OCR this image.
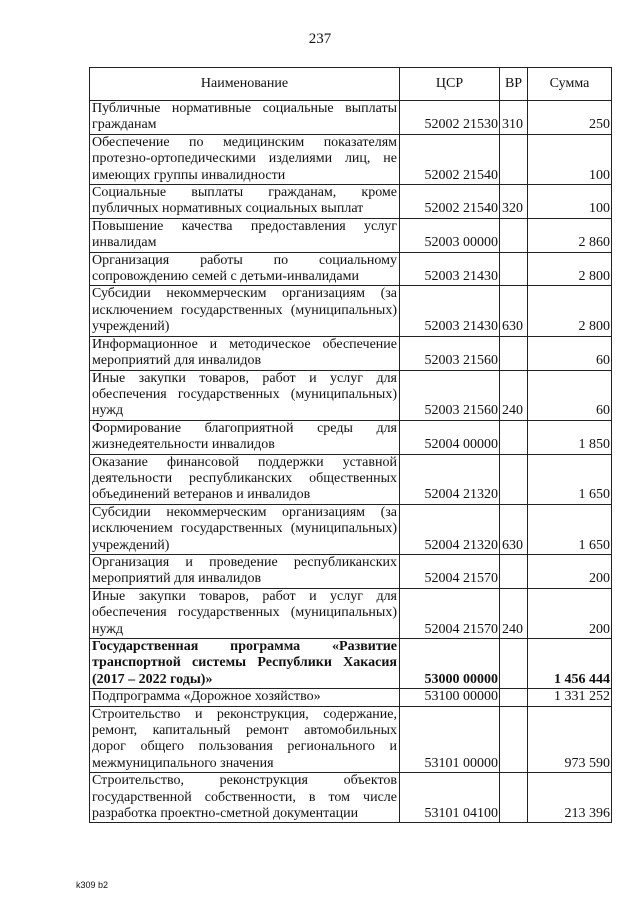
237
Наименование	ЦСР	ВР	Сумма
Публичные нормативные социальные выплаты гражданам	52002 21530	310	250
Обеспечение по медицинским показателям протезно-ортопедическими изделиями лиц, не имеющих группы инвалидности	52002 21540		100
Социальные выплаты гражданам, кроме публичных нормативных социальных выплат	52002 21540	320	100
Повышение качества предоставления услуг инвалидам	52003 00000		2 860
Организация работы по социальному сопровождению семей с детьми-инвалидами	52003 21430		2 800
Субсидии некоммерческим организациям (за исключением государственных (муниципальных) учреждений)	52003 21430	630	2 800
Информационное и методическое обеспечение мероприятий для инвалидов	52003 21560		60
Иные закупки товаров, работ и услуг для обеспечения государственных (муниципальных) нужд	52003 21560	240	60
Формирование благоприятной среды для жизнедеятельности инвалидов	52004 00000		1 850
Оказание финансовой поддержки уставной деятельности республиканских общественных объединений ветеранов и инвалидов	52004 21320		1 650
Субсидии некоммерческим организациям (за исключением государственных (муниципальных) учреждений)	52004 21320	630	1 650
Организация и проведение республиканских мероприятий для инвалидов	52004 21570		200
Иные закупки товаров, работ и услуг для обеспечения государственных (муниципальных) нужд	52004 21570	240	200
Государственная программа «Развитие транспортной системы Республики Хакасия (2017 – 2022 годы)»	53000 00000		1 456 444
Подпрограмма «Дорожное хозяйство»	53100 00000		1 331 252
Строительство и реконструкция, содержание, ремонт, капитальный ремонт автомобильных дорог общего пользования регионального и межмуниципального значения	53101 00000		973 590
Строительство, реконструкция объектов государственной собственности, в том числе разработка проектно-сметной документации	53101 04100		213 396
k309 b2
